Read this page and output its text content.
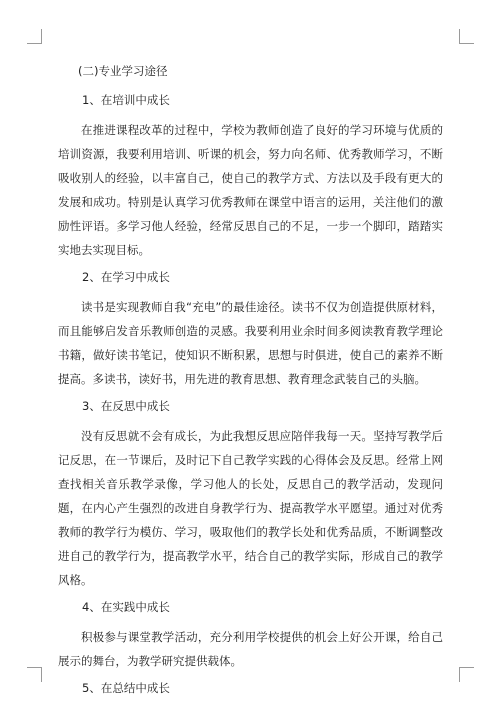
(二)专业学习途径
1、在培训中成长

在推进课程改革的过程中，学校为教师创造了良好的学习环境与优质的培训资源，我要利用培训、听课的机会，努力向名师、优秀教师学习，不断吸收别人的经验，以丰富自己，使自己的教学方式、方法以及手段有更大的发展和成功。特别是认真学习优秀教师在课堂中语言的运用，关注他们的激励性评语。多学习他人经验，经常反思自己的不足，一步一个脚印，踏踏实实地去实现目标。

2、在学习中成长

读书是实现教师自我“充电”的最佳途径。读书不仅为创造提供原材料，而且能够启发音乐教师创造的灵感。我要利用业余时间多阅读教育教学理论书籍，做好读书笔记，使知识不断积累，思想与时俱进，使自己的素养不断提高。多读书，读好书，用先进的教育思想、教育理念武装自己的头脑。

3、在反思中成长

没有反思就不会有成长，为此我想反思应陪伴我每一天。坚持写教学后记反思，在一节课后，及时记下自己教学实践的心得体会及反思。经常上网查找相关音乐教学录像，学习他人的长处，反思自己的教学活动，发现问题，在内心产生强烈的改进自身教学行为、提高教学水平愿望。通过对优秀教师的教学行为模仿、学习，吸取他们的教学长处和优秀品质，不断调整改进自己的教学行为，提高教学水平，结合自己的教学实际，形成自己的教学风格。

4、在实践中成长

积极参与课堂教学活动，充分利用学校提供的机会上好公开课，给自己展示的舞台，为教学研究提供载体。

5、在总结中成长
